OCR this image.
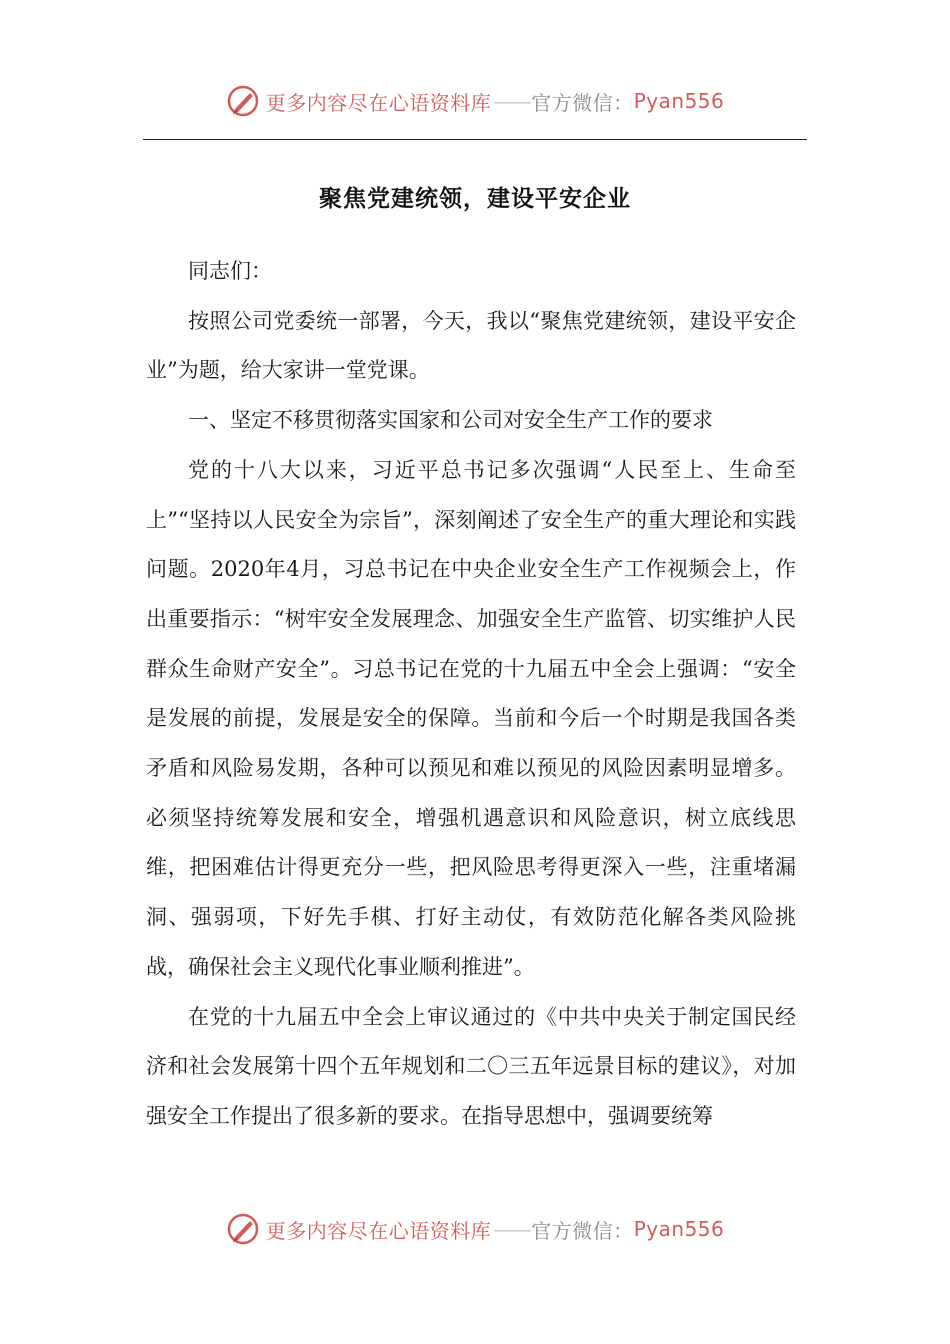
更多内容尽在心语资料库 —— 官方微信： Pyan556
聚焦党建统领，建设平安企业

同志们：

按照公司党委统一部署，今天，我以“聚焦党建统领，建设平安企业”为题，给大家讲一堂党课。

一、坚定不移贯彻落实国家和公司对安全生产工作的要求

党的十八大以来，习近平总书记多次强调“人民至上、生命至上”“坚持以人民安全为宗旨”，深刻阐述了安全生产的重大理论和实践问题。2020年4月，习总书记在中央企业安全生产工作视频会上，作出重要指示：“树牢安全发展理念、加强安全生产监管、切实维护人民群众生命财产安全”。习总书记在党的十九届五中全会上强调：“安全是发展的前提，发展是安全的保障。当前和今后一个时期是我国各类矛盾和风险易发期，各种可以预见和难以预见的风险因素明显增多。必须坚持统筹发展和安全，增强机遇意识和风险意识，树立底线思维，把困难估计得更充分一些，把风险思考得更深入一些，注重堵漏洞、强弱项，下好先手棋、打好主动仗，有效防范化解各类风险挑战，确保社会主义现代化事业顺利推进”。

在党的十九届五中全会上审议通过的《中共中央关于制定国民经济和社会发展第十四个五年规划和二〇三五年远景目标的建议》，对加强安全工作提出了很多新的要求。在指导思想中，强调要统筹

更多内容尽在心语资料库 —— 官方微信： Pyan556
